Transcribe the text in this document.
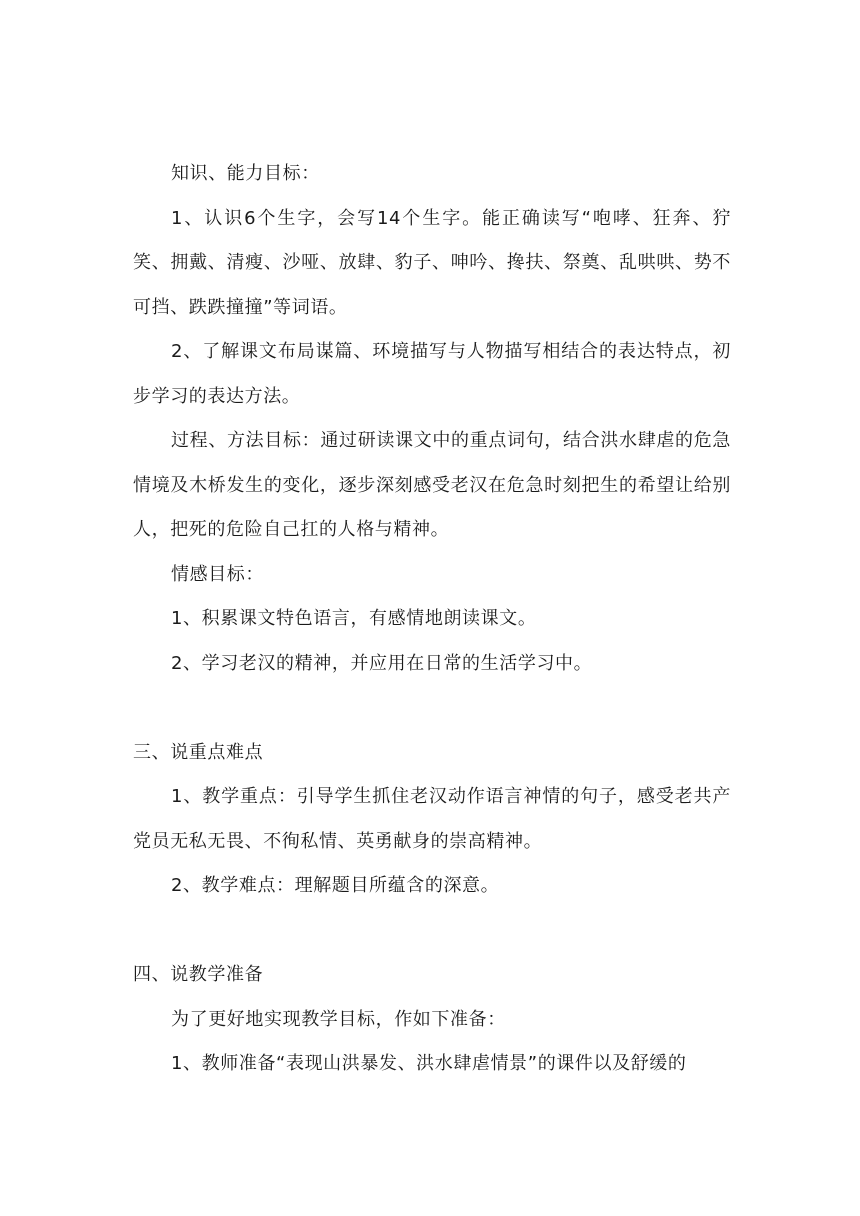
知识、能力目标：

1、认识6个生字，会写14个生字。能正确读写“咆哮、狂奔、狞笑、拥戴、清瘦、沙哑、放肆、豹子、呻吟、搀扶、祭奠、乱哄哄、势不可挡、跌跌撞撞”等词语。

2、了解课文布局谋篇、环境描写与人物描写相结合的表达特点，初步学习的表达方法。

过程、方法目标：通过研读课文中的重点词句，结合洪水肆虐的危急情境及木桥发生的变化，逐步深刻感受老汉在危急时刻把生的希望让给别人，把死的危险自己扛的人格与精神。

情感目标：

1、积累课文特色语言，有感情地朗读课文。

2、学习老汉的精神，并应用在日常的生活学习中。

三、说重点难点

1、教学重点：引导学生抓住老汉动作语言神情的句子，感受老共产党员无私无畏、不徇私情、英勇献身的崇高精神。

2、教学难点：理解题目所蕴含的深意。

四、说教学准备

为了更好地实现教学目标，作如下准备：

1、教师准备“表现山洪暴发、洪水肆虐情景”的课件以及舒缓的
